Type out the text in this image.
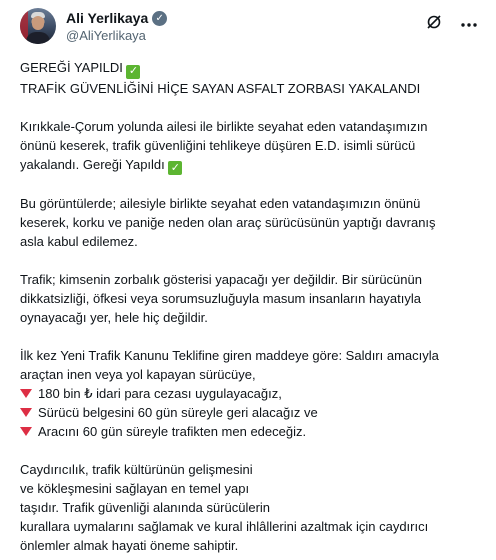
Ali Yerlikaya ✓
@AliYerlikaya

GEREĞİ YAPILDI ✓

TRAFİK GÜVENLİĞİNİ HİÇE SAYAN ASFALT ZORBASI YAKALANDI

Kırıkkale-Çorum yolunda ailesi ile birlikte seyahat eden vatandaşımızın

önünü keserek, trafik güvenliğini tehlikeye düşüren E.D. isimli sürücü

yakalandı. Gereği Yapıldı ✓

Bu görüntülerde; ailesiyle birlikte seyahat eden vatandaşımızın önünü

keserek, korku ve paniğe neden olan araç sürücüsünün yaptığı davranış

asla kabul edilemez.

Trafik; kimsenin zorbalık gösterisi yapacağı yer değildir. Bir sürücünün

dikkatsizliği, öfkesi veya sorumsuzluğuyla masum insanların hayatıyla

oynayacağı yer, hele hiç değildir.

İlk kez Yeni Trafik Kanunu Teklifine giren maddeye göre: Saldırı amacıyla

araçtan inen veya yol kapayan sürücüye,

180 bin ₺ idari para cezası uygulayacağız,

Sürücü belgesini 60 gün süreyle geri alacağız ve

Aracını 60 gün süreyle trafikten men edeceğiz.

Caydırıcılık, trafik kültürünün gelişmesini

ve kökleşmesini sağlayan en temel yapı

taşıdır. Trafik güvenliği alanında sürücülerin

kurallara uymalarını sağlamak ve kural ihlâllerini azaltmak için caydırıcı

önlemler almak hayati öneme sahiptir.
